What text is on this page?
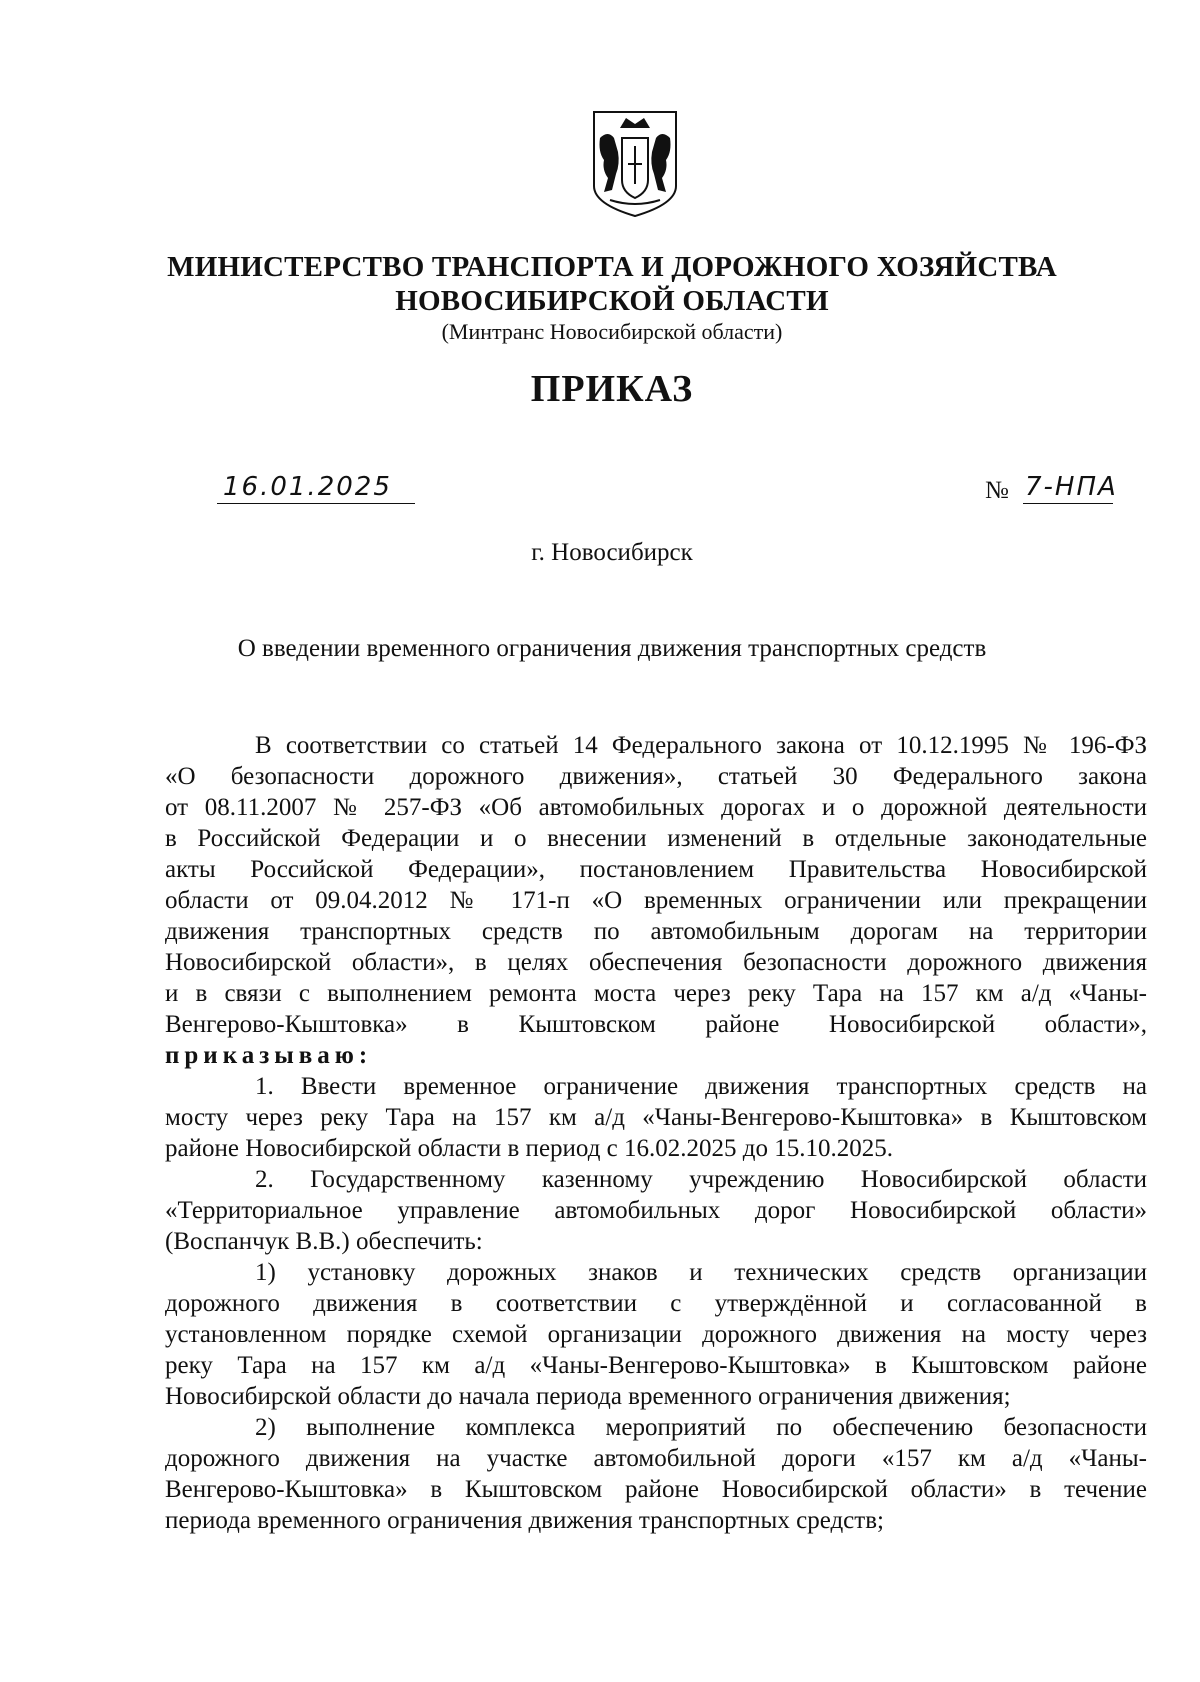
МИНИСТЕРСТВО ТРАНСПОРТА И ДОРОЖНОГО ХОЗЯЙСТВА
НОВОСИБИРСКОЙ ОБЛАСТИ
(Минтранс Новосибирской области)
ПРИКАЗ
16.01.2025	№ 7-НПА
г. Новосибирск
О введении временного ограничения движения транспортных средств
В соответствии со статьей 14 Федерального закона от 10.12.1995 № 196-ФЗ
«О безопасности дорожного движения», статьей 30 Федерального закона
от 08.11.2007 № 257-ФЗ «Об автомобильных дорогах и о дорожной деятельности
в Российской Федерации и о внесении изменений в отдельные законодательные
акты Российской Федерации», постановлением Правительства Новосибирской
области от 09.04.2012 № 171-п «О временных ограничении или прекращении
движения транспортных средств по автомобильным дорогам на территории
Новосибирской области», в целях обеспечения безопасности дорожного движения
и в связи с выполнением ремонта моста через реку Тара на 157 км а/д «Чаны-
Венгерово-Кыштовка» в Кыштовском районе Новосибирской области»,
приказываю:
1. Ввести временное ограничение движения транспортных средств на
мосту через реку Тара на 157 км а/д «Чаны-Венгерово-Кыштовка» в Кыштовском
районе Новосибирской области в период с 16.02.2025 до 15.10.2025.
2. Государственному казенному учреждению Новосибирской области
«Территориальное управление автомобильных дорог Новосибирской области»
(Воспанчук В.В.) обеспечить:
1) установку дорожных знаков и технических средств организации
дорожного движения в соответствии с утверждённой и согласованной в
установленном порядке схемой организации дорожного движения на мосту через
реку Тара на 157 км а/д «Чаны-Венгерово-Кыштовка» в Кыштовском районе
Новосибирской области до начала периода временного ограничения движения;
2) выполнение комплекса мероприятий по обеспечению безопасности
дорожного движения на участке автомобильной дороги «157 км а/д «Чаны-
Венгерово-Кыштовка» в Кыштовском районе Новосибирской области» в течение
периода временного ограничения движения транспортных средств;
